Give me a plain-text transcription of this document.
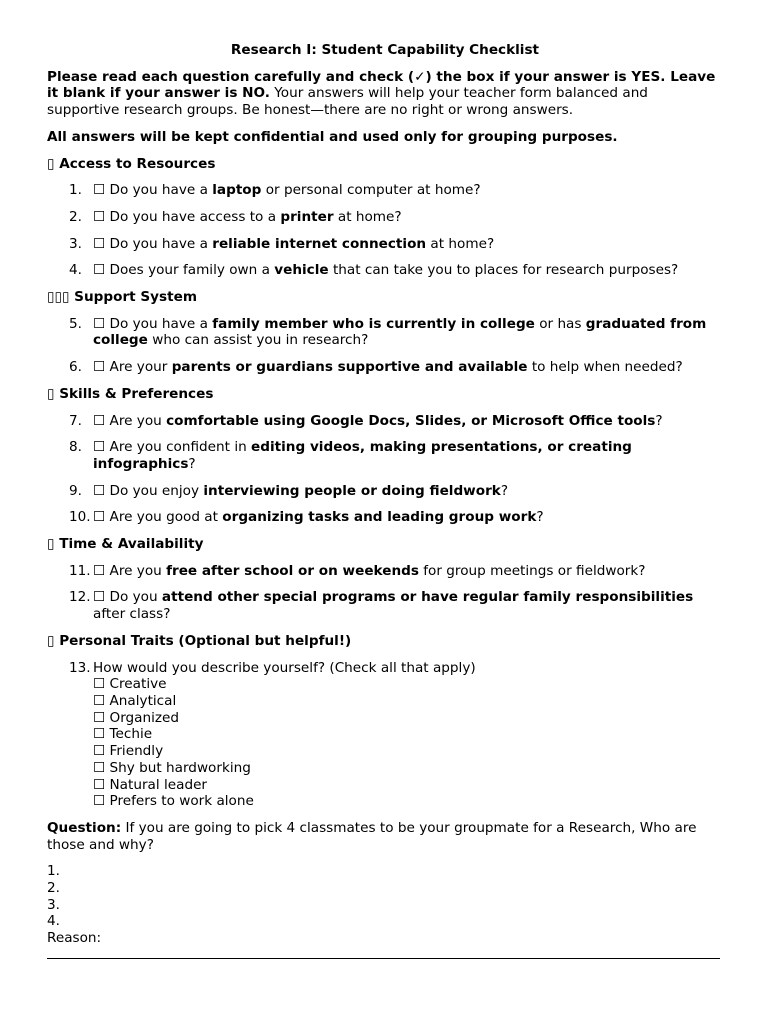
Research I: Student Capability Checklist

Please read each question carefully and check (✓) the box if your answer is YES. Leave it blank if your answer is NO. Your answers will help your teacher form balanced and supportive research groups. Be honest—there are no right or wrong answers.

All answers will be kept confidential and used only for grouping purposes.

▯ Access to Resources
1. ☐ Do you have a laptop or personal computer at home?
2. ☐ Do you have access to a printer at home?
3. ☐ Do you have a reliable internet connection at home?
4. ☐ Does your family own a vehicle that can take you to places for research purposes?
▯▯▯ Support System
5. ☐ Do you have a family member who is currently in college or has graduated from college who can assist you in research?
6. ☐ Are your parents or guardians supportive and available to help when needed?
▯ Skills & Preferences
7. ☐ Are you comfortable using Google Docs, Slides, or Microsoft Office tools?
8. ☐ Are you confident in editing videos, making presentations, or creating infographics?
9. ☐ Do you enjoy interviewing people or doing fieldwork?
10. ☐ Are you good at organizing tasks and leading group work?
▯ Time & Availability
11. ☐ Are you free after school or on weekends for group meetings or fieldwork?
12. ☐ Do you attend other special programs or have regular family responsibilities after class?
▯ Personal Traits (Optional but helpful!)
13. How would you describe yourself? (Check all that apply)
☐ Creative
☐ Analytical
☐ Organized
☐ Techie
☐ Friendly
☐ Shy but hardworking
☐ Natural leader
☐ Prefers to work alone

Question: If you are going to pick 4 classmates to be your groupmate for a Research, Who are those and why?

1.
2.
3.
4.
Reason:
